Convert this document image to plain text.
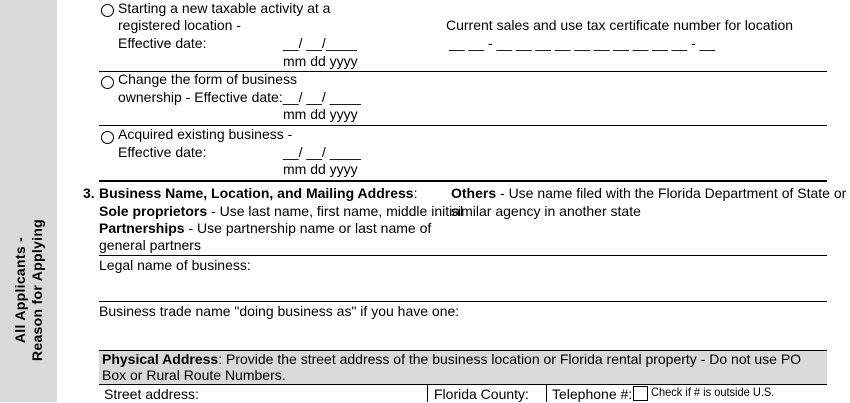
All Applicants - Reason for Applying
Starting a new taxable activity at a
registered location -
Effective date:	__/ __/____
mm dd yyyy
Current sales and use tax certificate number for location
__ __ - __ __ __ __ __ __ __ __ __ __ - __
Change the form of business
ownership - Effective date: __/ __/ ____
mm dd yyyy
Acquired existing business -
Effective date:	__/ __/ ____
mm dd yyyy
3. Business Name, Location, and Mailing Address:
Sole proprietors - Use last name, first name, middle initial
Partnerships - Use partnership name or last name of
general partners
Others - Use name filed with the Florida Department of State or
similar agency in another state
Legal name of business:
Business trade name "doing business as" if you have one:
Physical Address: Provide the street address of the business location or Florida rental property - Do not use PO Box or Rural Route Numbers.
Street address:	Florida County: Telephone #: Check if # is outside U.S.
